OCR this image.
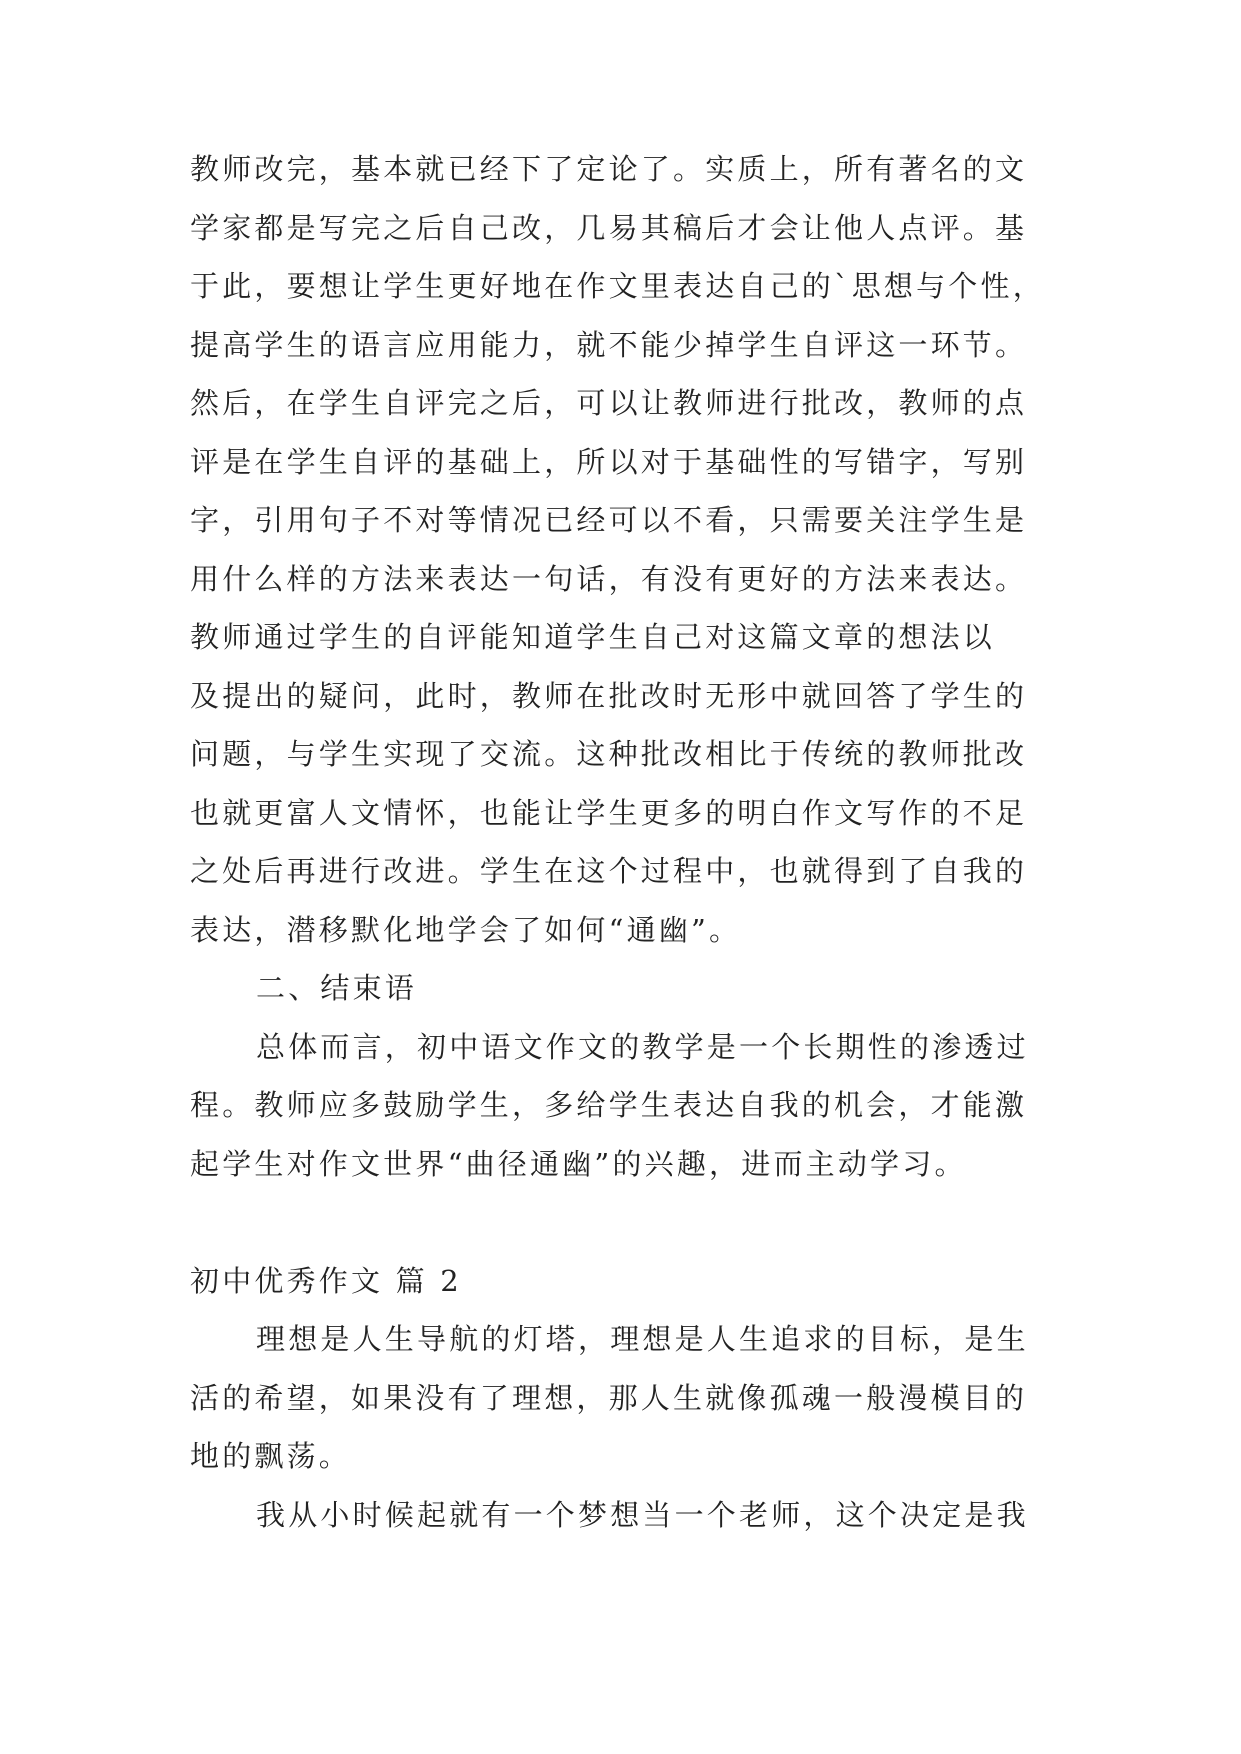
教师改完，基本就已经下了定论了。实质上，所有著名的文
学家都是写完之后自己改，几易其稿后才会让他人点评。基
于此，要想让学生更好地在作文里表达自己的`思想与个性，
提高学生的语言应用能力，就不能少掉学生自评这一环节。
然后，在学生自评完之后，可以让教师进行批改，教师的点
评是在学生自评的基础上，所以对于基础性的写错字，写别
字，引用句子不对等情况已经可以不看，只需要关注学生是
用什么样的方法来表达一句话，有没有更好的方法来表达。
教师通过学生的自评能知道学生自己对这篇文章的想法以
及提出的疑问，此时，教师在批改时无形中就回答了学生的
问题，与学生实现了交流。这种批改相比于传统的教师批改
也就更富人文情怀，也能让学生更多的明白作文写作的不足
之处后再进行改进。学生在这个过程中，也就得到了自我的
表达，潜移默化地学会了如何“通幽”。
二、结束语
总体而言，初中语文作文的教学是一个长期性的渗透过
程。教师应多鼓励学生，多给学生表达自我的机会，才能激
起学生对作文世界“曲径通幽”的兴趣，进而主动学习。
初中优秀作文 篇 2
理想是人生导航的灯塔，理想是人生追求的目标，是生
活的希望，如果没有了理想，那人生就像孤魂一般漫模目的
地的飘荡。
我从小时候起就有一个梦想当一个老师，这个决定是我
